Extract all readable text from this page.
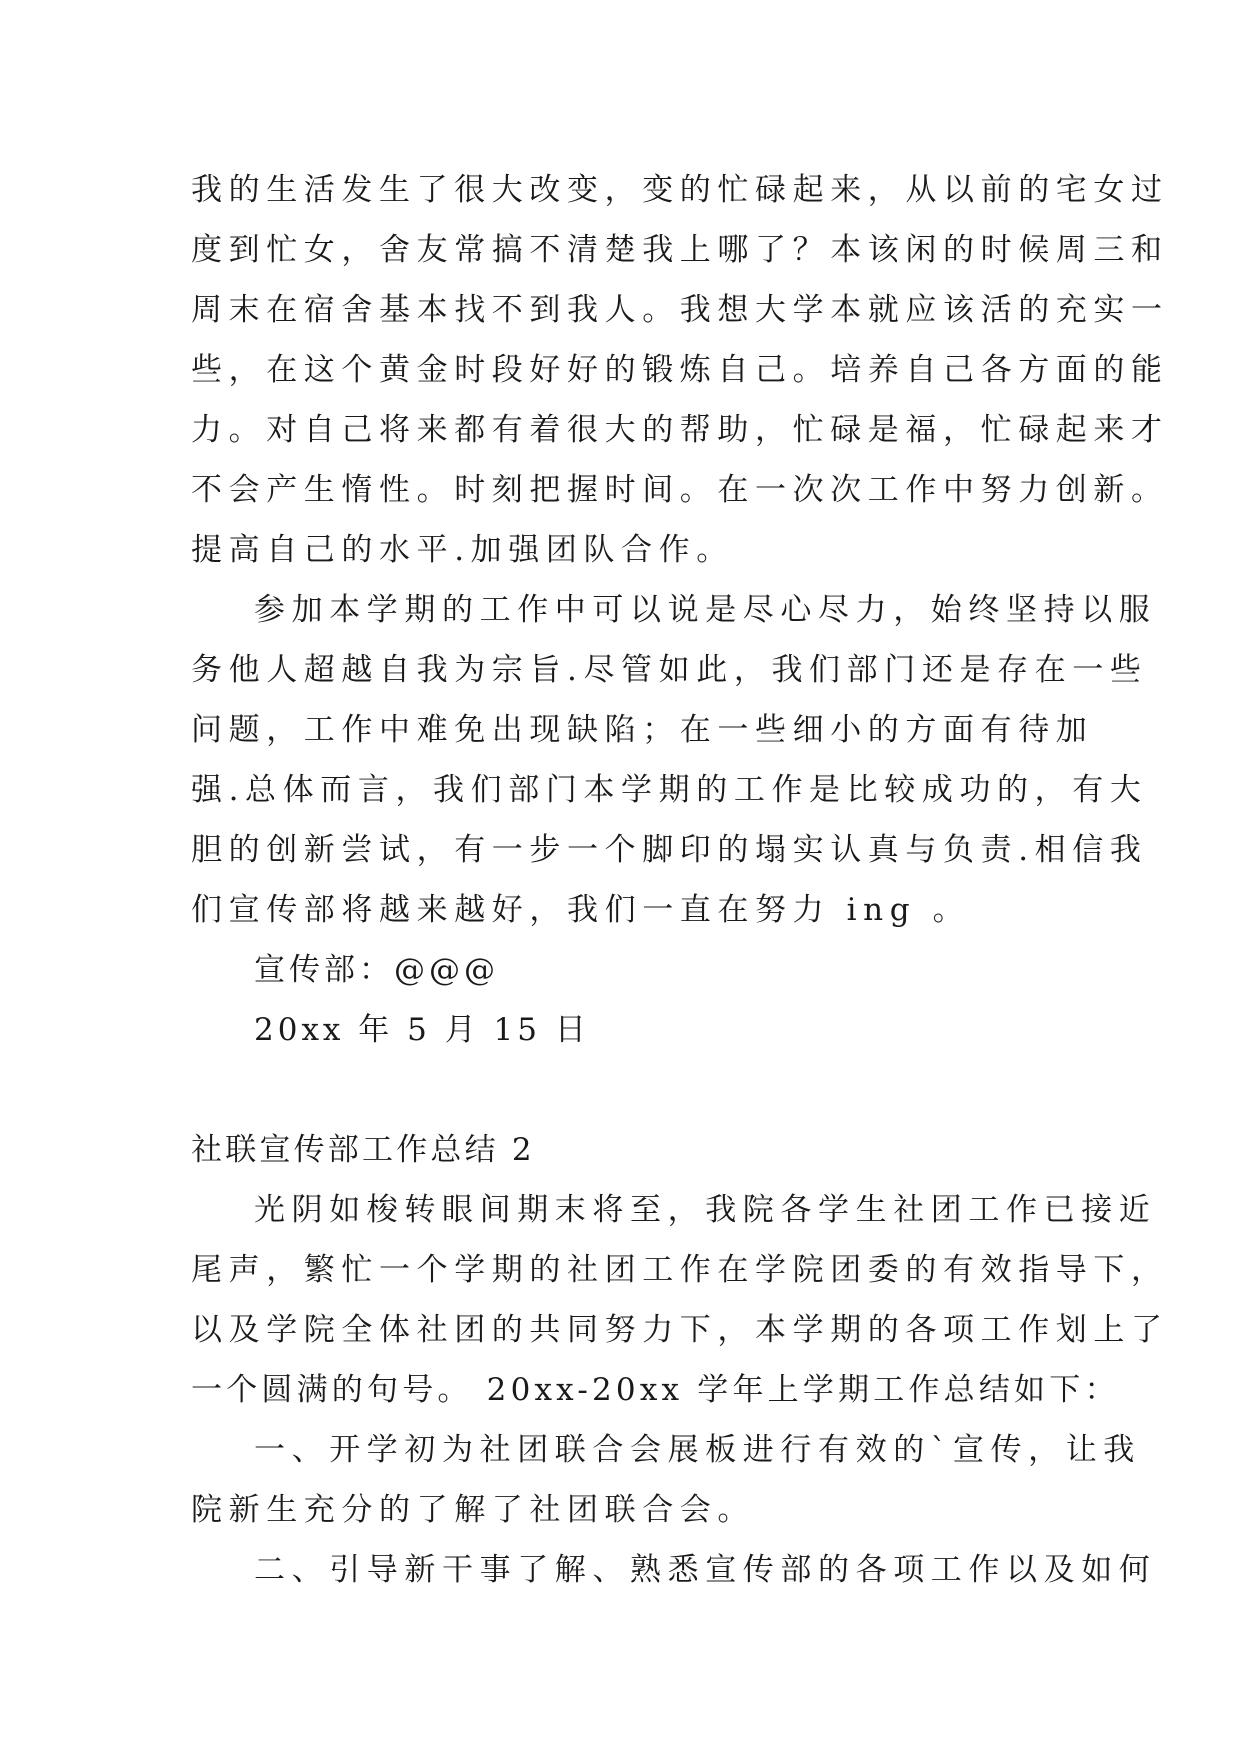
我的生活发生了很大改变，变的忙碌起来，从以前的宅女过
度到忙女，舍友常搞不清楚我上哪了？本该闲的时候周三和
周末在宿舍基本找不到我人。我想大学本就应该活的充实一
些，在这个黄金时段好好的锻炼自己。培养自己各方面的能
力。对自己将来都有着很大的帮助，忙碌是福，忙碌起来才
不会产生惰性。时刻把握时间。在一次次工作中努力创新。
提高自己的水平.加强团队合作。
参加本学期的工作中可以说是尽心尽力，始终坚持以服
务他人超越自我为宗旨.尽管如此，我们部门还是存在一些
问题，工作中难免出现缺陷；在一些细小的方面有待加
强.总体而言，我们部门本学期的工作是比较成功的，有大
胆的创新尝试，有一步一个脚印的塌实认真与负责.相信我
们宣传部将越来越好，我们一直在努力 ing 。
宣传部：@@@
20xx 年 5 月 15 日
社联宣传部工作总结 2
光阴如梭转眼间期末将至，我院各学生社团工作已接近
尾声，繁忙一个学期的社团工作在学院团委的有效指导下，
以及学院全体社团的共同努力下，本学期的各项工作划上了
一个圆满的句号。 20xx-20xx 学年上学期工作总结如下：
一、开学初为社团联合会展板进行有效的`宣传，让我
院新生充分的了解了社团联合会。
二、引导新干事了解、熟悉宣传部的各项工作以及如何
